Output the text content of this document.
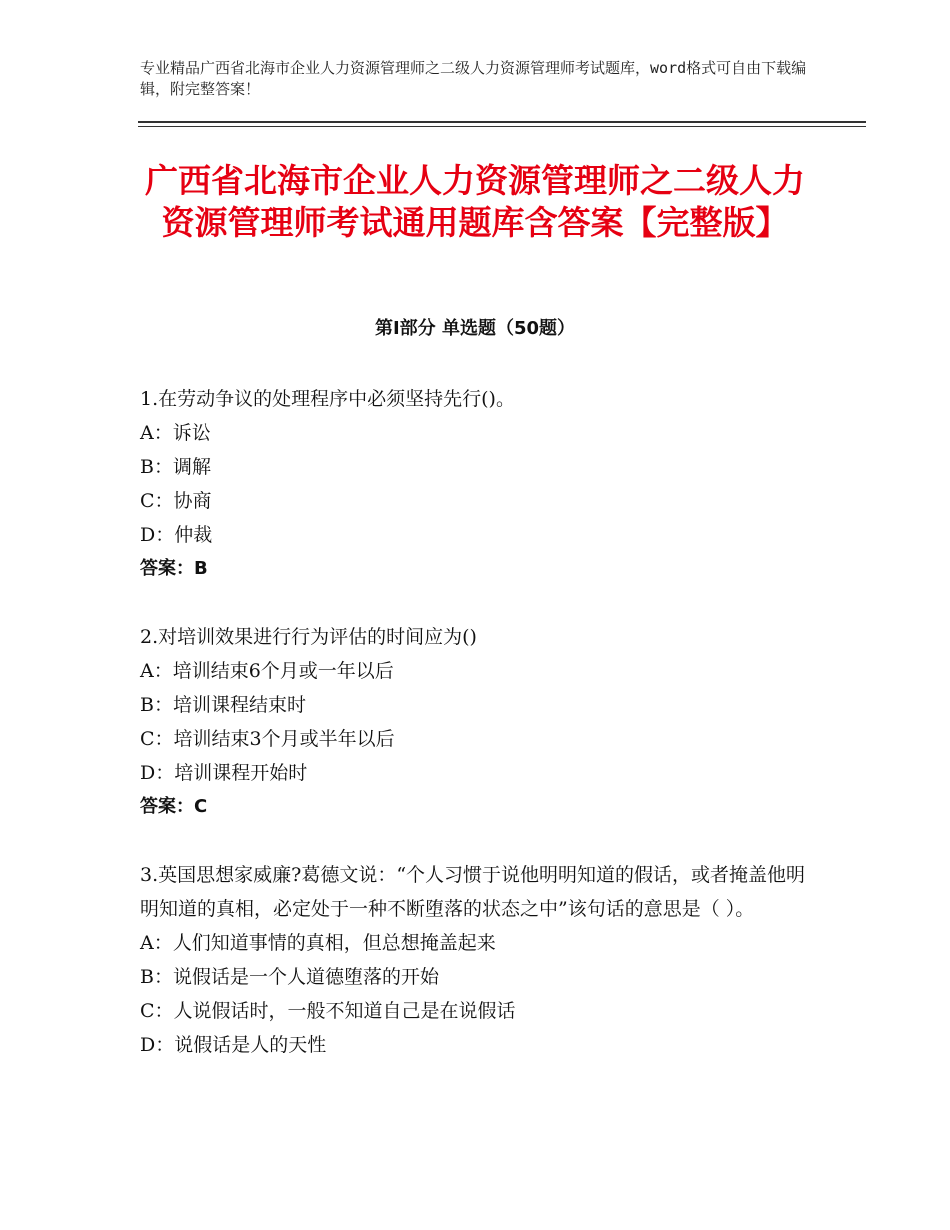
专业精品广西省北海市企业人力资源管理师之二级人力资源管理师考试题库，word格式可自由下载编辑，附完整答案！
广西省北海市企业人力资源管理师之二级人力资源管理师考试通用题库含答案【完整版】
第Ⅰ部分 单选题（50题）
1.在劳动争议的处理程序中必须坚持先行()。
A：诉讼
B：调解
C：协商
D：仲裁
答案：B
2.对培训效果进行行为评估的时间应为()
A：培训结束6个月或一年以后
B：培训课程结束时
C：培训结束3个月或半年以后
D：培训课程开始时
答案：C
3.英国思想家威廉?葛德文说：“个人习惯于说他明明知道的假话，或者掩盖他明明知道的真相，必定处于一种不断堕落的状态之中”该句话的意思是（ ）。
A：人们知道事情的真相，但总想掩盖起来
B：说假话是一个人道德堕落的开始
C：人说假话时，一般不知道自己是在说假话
D：说假话是人的天性
